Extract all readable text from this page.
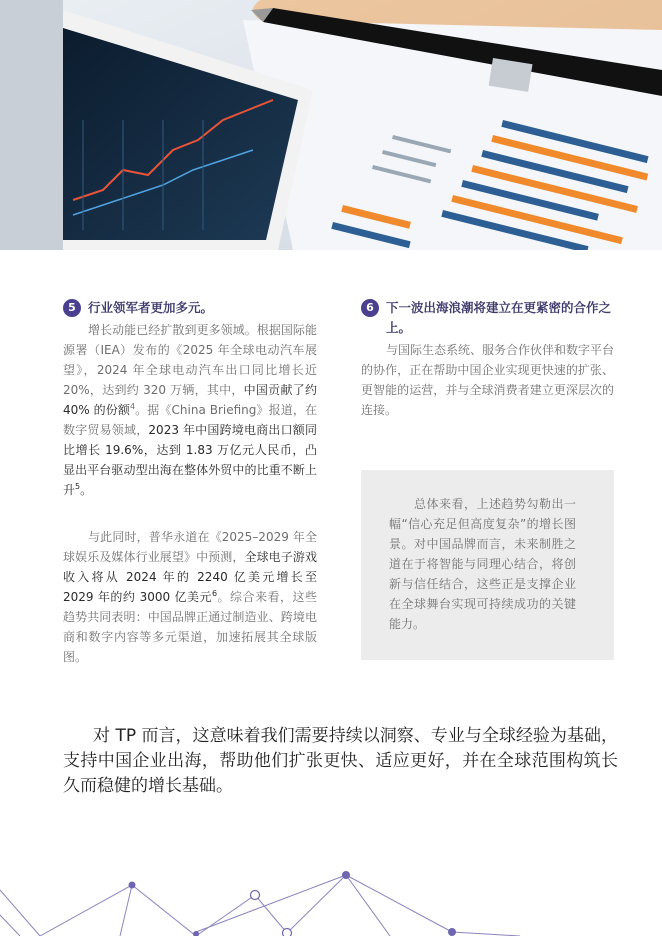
5 行业领军者更加多元。

增长动能已经扩散到更多领域。根据国际能源署（IEA）发布的《2025 年全球电动汽车展望》，2024 年全球电动汽车出口同比增长近 20%，达到约 320 万辆，其中，中国贡献了约 40% 的份额$^4$。据《China Briefing》报道，在数字贸易领域，2023 年中国跨境电商出口额同比增长 19.6%，达到 1.83 万亿元人民币，凸显出平台驱动型出海在整体外贸中的比重不断上升$^5$。

与此同时，普华永道在《2025–2029 年全球娱乐及媒体行业展望》中预测，全球电子游戏收入将从 2024 年的 2240 亿美元增长至 2029 年的约 3000 亿美元$^6$。综合来看，这些趋势共同表明：中国品牌正通过制造业、跨境电商和数字内容等多元渠道，加速拓展其全球版图。

6 下一波出海浪潮将建立在更紧密的合作之上。

与国际生态系统、服务合作伙伴和数字平台的协作，正在帮助中国企业实现更快速的扩张、更智能的运营，并与全球消费者建立更深层次的连接。

总体来看，上述趋势勾勒出一幅“信心充足但高度复杂”的增长图景。对中国品牌而言，未来制胜之道在于将智能与同理心结合，将创新与信任结合，这些正是支撑企业在全球舞台实现可持续成功的关键能力。

对 TP 而言，这意味着我们需要持续以洞察、专业与全球经验为基础，支持中国企业出海，帮助他们扩张更快、适应更好，并在全球范围构筑长久而稳健的增长基础。
